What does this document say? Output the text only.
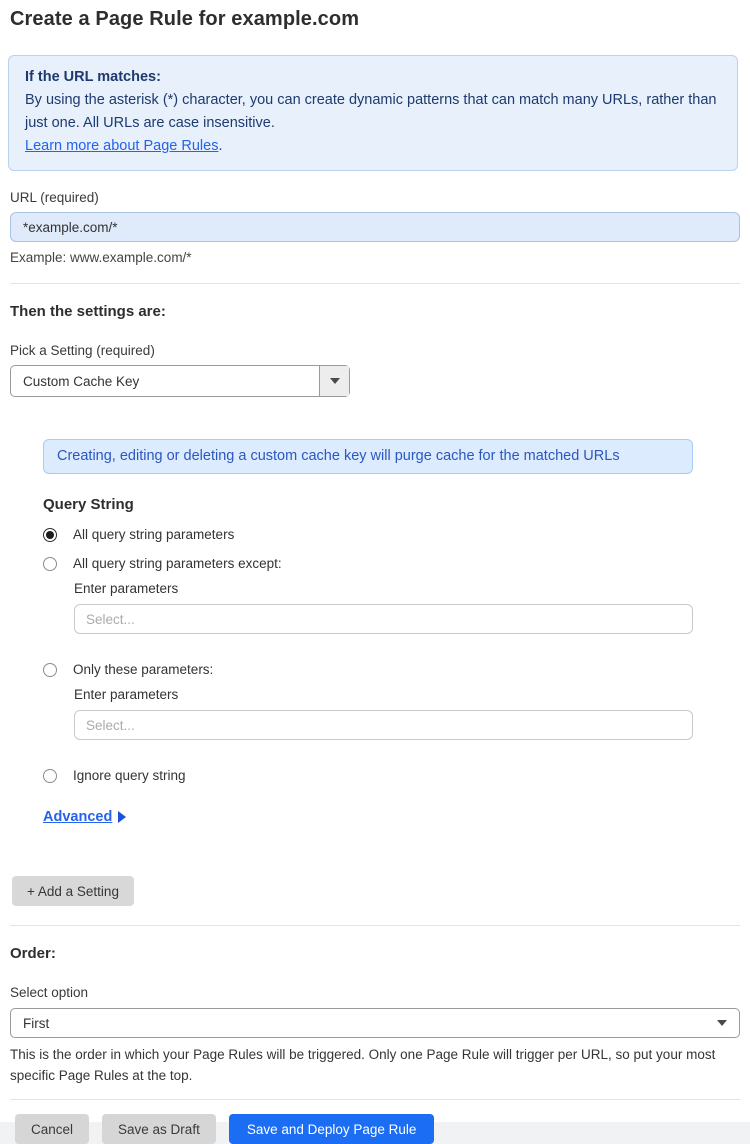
Create a Page Rule for example.com
If the URL matches:
By using the asterisk (*) character, you can create dynamic patterns that can match many URLs, rather than just one. All URLs are case insensitive.
Learn more about Page Rules.
URL (required)
*example.com/*
Example: www.example.com/*
Then the settings are:
Pick a Setting (required)
Custom Cache Key
Creating, editing or deleting a custom cache key will purge cache for the matched URLs
Query String
All query string parameters
All query string parameters except:
Enter parameters
Select...
Only these parameters:
Enter parameters
Select...
Ignore query string
Advanced
+ Add a Setting
Order:
Select option
First
This is the order in which your Page Rules will be triggered. Only one Page Rule will trigger per URL, so put your most specific Page Rules at the top.
Cancel	Save as Draft	Save and Deploy Page Rule
